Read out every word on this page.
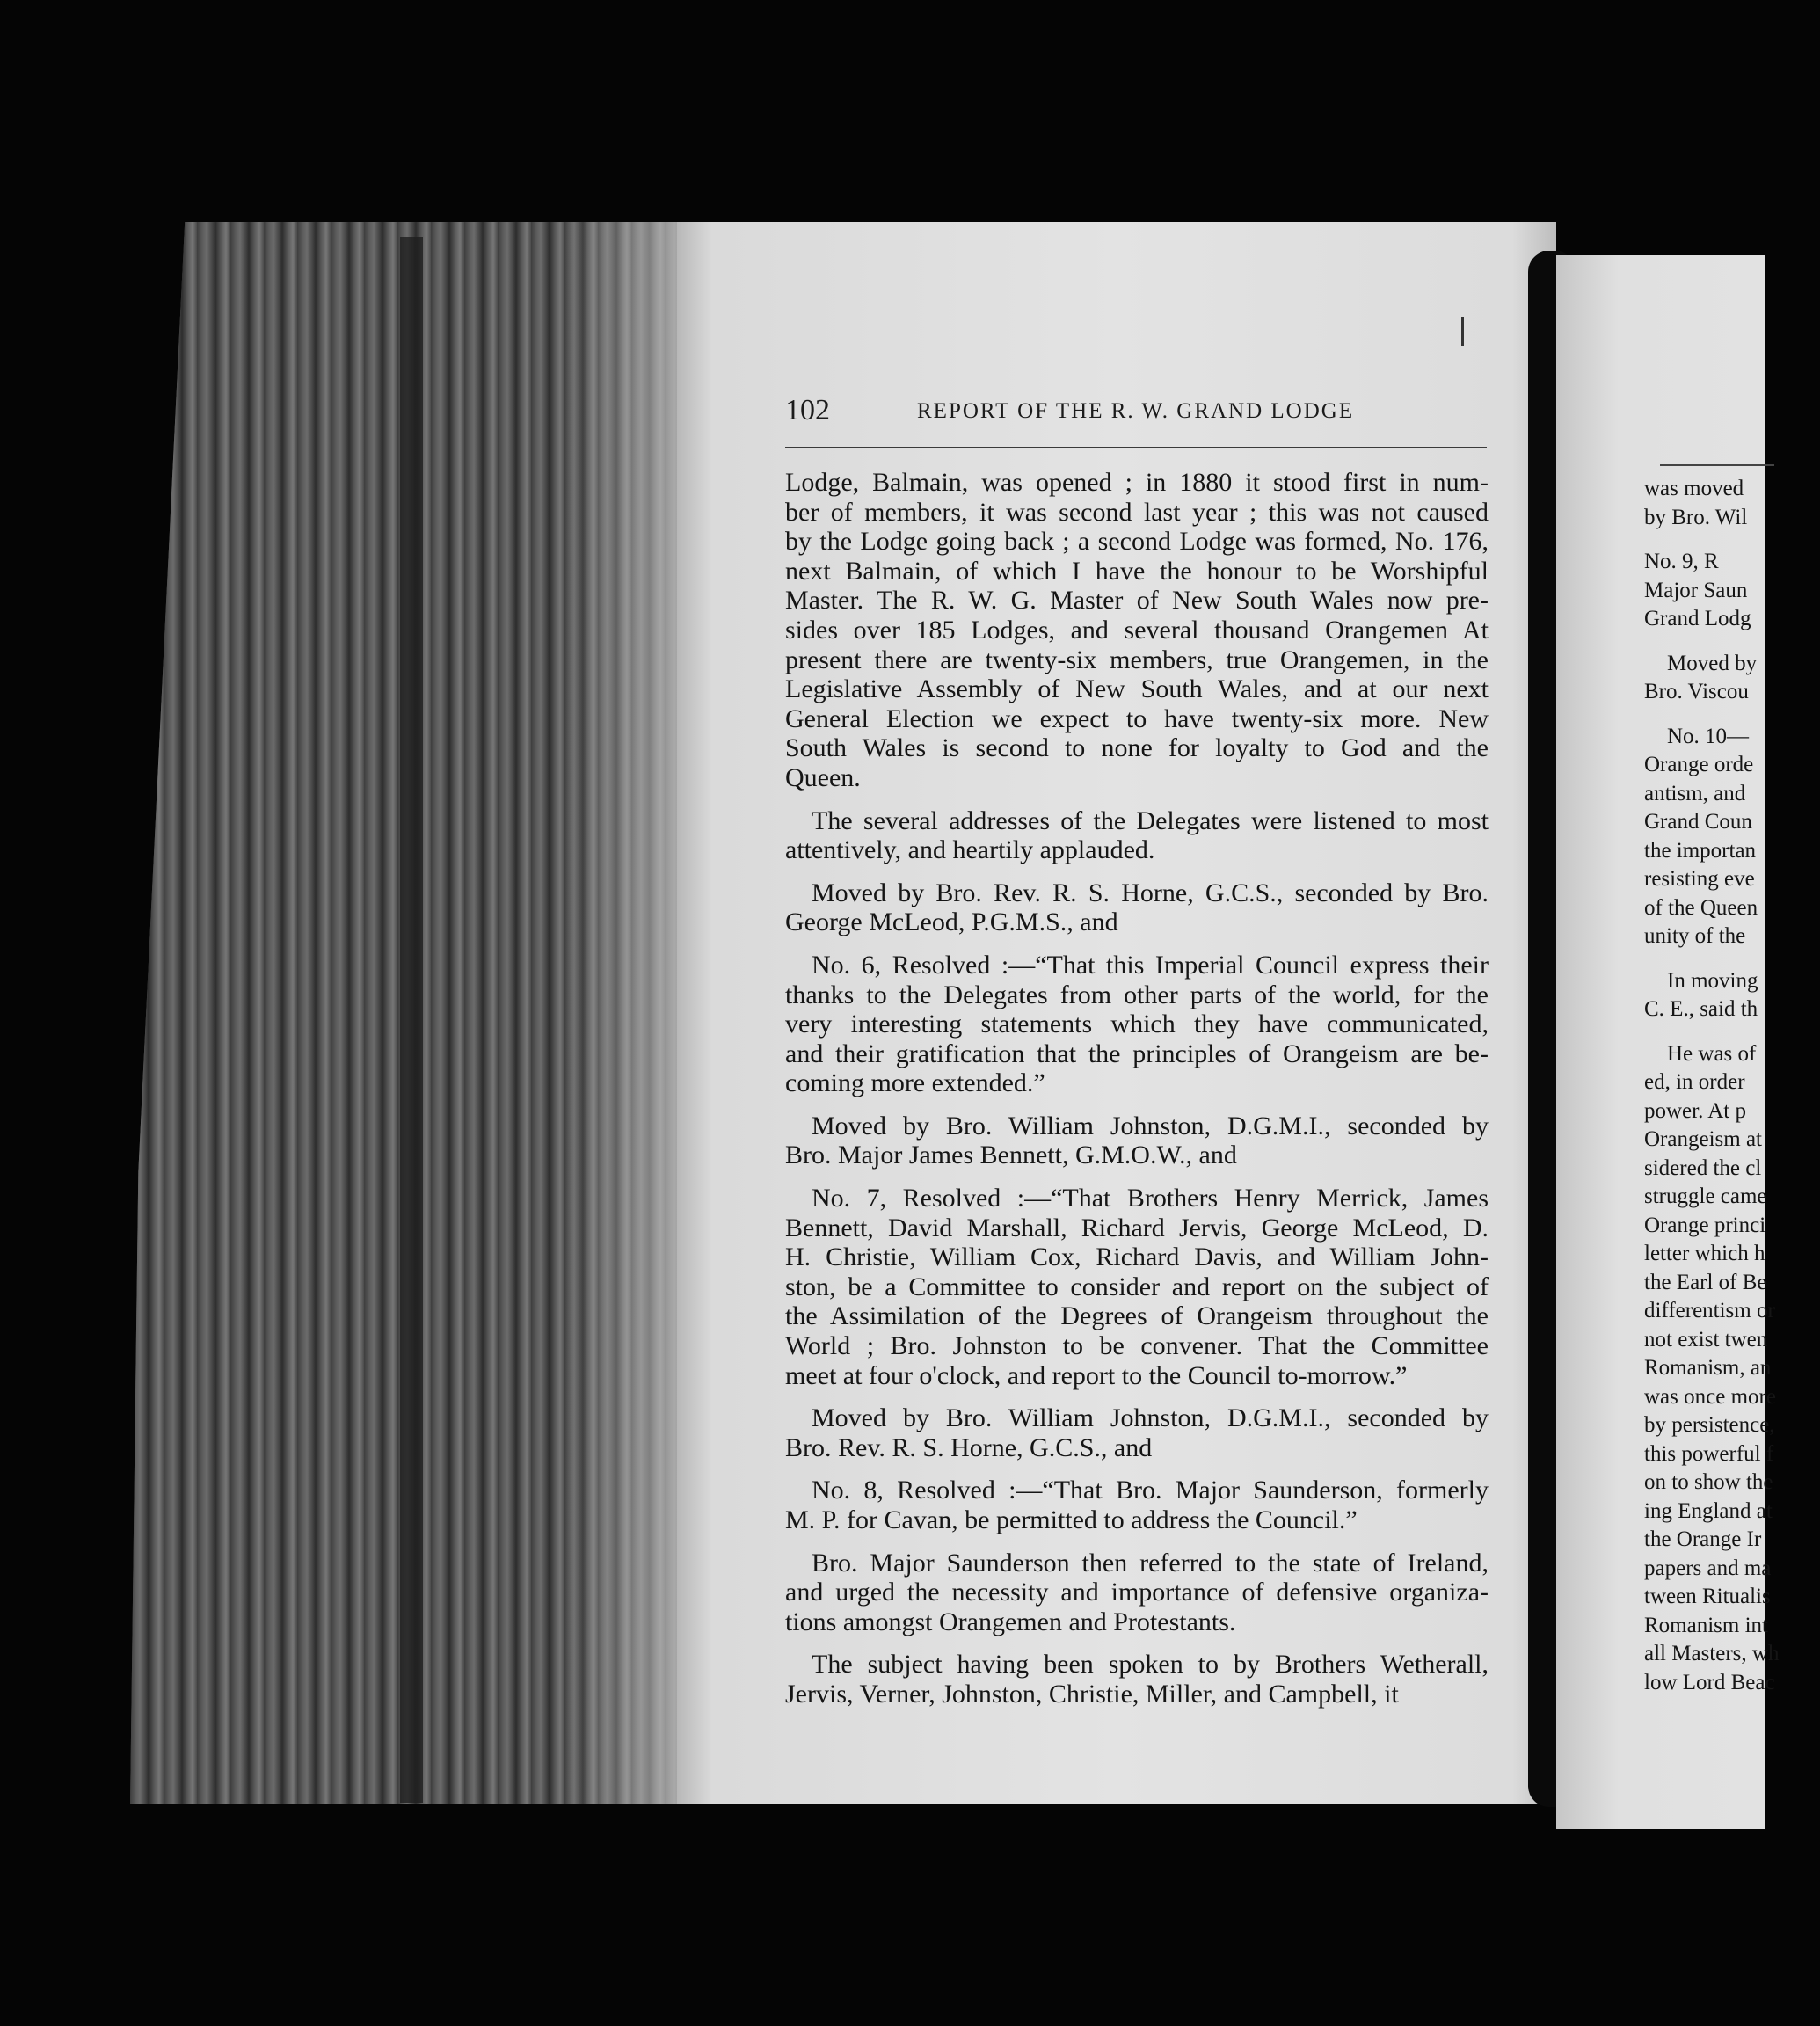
102	REPORT OF THE R. W. GRAND LODGE

Lodge, Balmain, was opened ; in 1880 it stood first in num-
ber of members, it was second last year ; this was not caused
by the Lodge going back ; a second Lodge was formed, No. 176,
next Balmain, of which I have the honour to be Worshipful
Master. The R. W. G. Master of New South Wales now pre-
sides over 185 Lodges, and several thousand Orangemen At
present there are twenty-six members, true Orangemen, in the
Legislative Assembly of New South Wales, and at our next
General Election we expect to have twenty-six more. New
South Wales is second to none for loyalty to God and the
Queen.

The several addresses of the Delegates were listened to most
attentively, and heartily applauded.

Moved by Bro. Rev. R. S. Horne, G.C.S., seconded by Bro.
George McLeod, P.G.M.S., and

No. 6, Resolved :—“That this Imperial Council express their
thanks to the Delegates from other parts of the world, for the
very interesting statements which they have communicated,
and their gratification that the principles of Orangeism are be-
coming more extended.”

Moved by Bro. William Johnston, D.G.M.I., seconded by
Bro. Major James Bennett, G.M.O.W., and

No. 7, Resolved :—“That Brothers Henry Merrick, James
Bennett, David Marshall, Richard Jervis, George McLeod, D.
H. Christie, William Cox, Richard Davis, and William John-
ston, be a Committee to consider and report on the subject of
the Assimilation of the Degrees of Orangeism throughout the
World ; Bro. Johnston to be convener. That the Committee
meet at four o'clock, and report to the Council to-morrow.”

Moved by Bro. William Johnston, D.G.M.I., seconded by
Bro. Rev. R. S. Horne, G.C.S., and

No. 8, Resolved :—“That Bro. Major Saunderson, formerly
M. P. for Cavan, be permitted to address the Council.”

Bro. Major Saunderson then referred to the state of Ireland,
and urged the necessity and importance of defensive organiza-
tions amongst Orangemen and Protestants.

The subject having been spoken to by Brothers Wetherall,
Jervis, Verner, Johnston, Christie, Miller, and Campbell, it

was moved
by Bro. Wil
No. 9, R
Major Saun
Grand Lodg
Moved by
Bro. Viscou
No. 10—
Orange orde
antism, and
Grand Coun
the importan
resisting eve
of the Queen
unity of the
In moving
C. E., said th
He was of
ed, in order
power. At p
Orangeism at
sidered the cl
struggle came
Orange princi
letter which h
the Earl of Be
differentism or
not exist twen
Romanism, an
was once more
by persistence,
this powerful f
on to show the
ing England at
the Orange Ir
papers and ma
tween Ritualis
Romanism int
all Masters, wh
low Lord Beac
